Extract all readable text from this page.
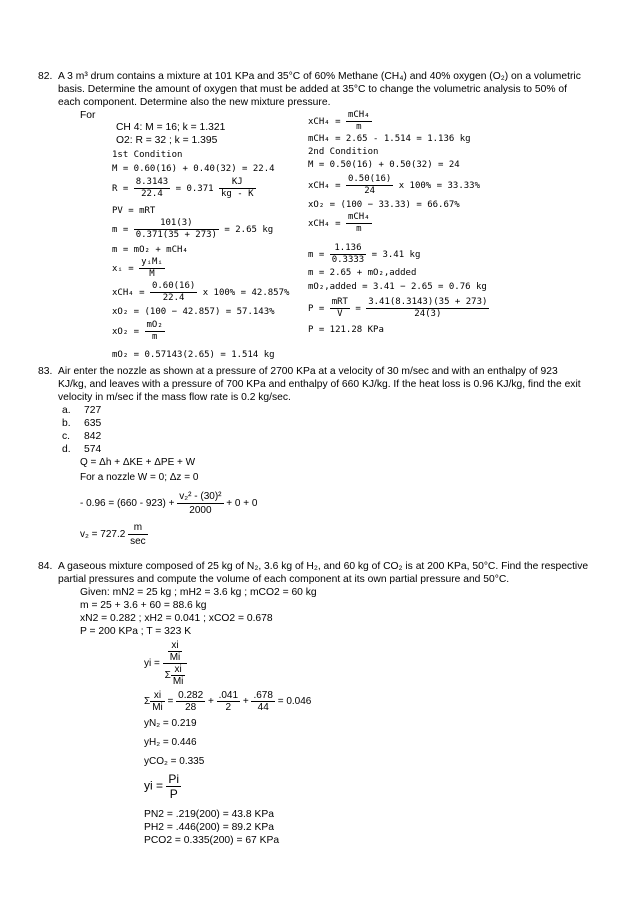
82. A 3 m³ drum contains a mixture at 101 KPa and 35°C of 60% Methane (CH₄) and 40% oxygen (O₂) on a volumetric
basis. Determine the amount of oxygen that must be added at 35°C to change the volumetric analysis to 50% of
each component. Determine also the new mixture pressure.
For
CH 4: M = 16; k = 1.321
O2: R = 32 ; k = 1.395
1st Condition
M = 0.60(16) + 0.40(32) = 22.4
$R = \frac{8.3143}{22.4} = 0.371 \frac{KJ}{kg - K}$
PV = mRT
$m = \frac{101(3)}{0.371(35 + 273)} = 2.65$ kg
m = mO₂ + mCH₄
xᵢ = $\frac{\text{yᵢMᵢ}}{M}$
$xCH_4 = \frac{0.60(16)}{22.4}$ x 100% = 42.857%
xO₂ = (100 − 42.857) = 57.143%
$xO_2 = \frac{\text{mO₂}}{m}$
mO₂ = 0.57143(2.65) = 1.514 kg
$xCH_4 = \frac{\text{mCH₄}}{m}$
mCH₄ = 2.65 - 1.514 = 1.136 kg
2nd Condition
M = 0.50(16) + 0.50(32) = 24
$xCH_4 = \frac{0.50(16)}{24}$ x 100% = 33.33%
xO₂ = (100 − 33.33) = 66.67%
$xCH_4 = \frac{\text{mCH₄}}{m}$
$m = \frac{1.136}{0.3333} = 3.41$ kg
m = 2.65 + mO₂,added
mO₂,added = 3.41 − 2.65 = 0.76 kg
$P = \frac{\text{mRT}}{V} = \frac{3.41(8.3143)(35 + 273)}{24(3)}$
P = 121.28 KPa
83. Air enter the nozzle as shown at a pressure of 2700 KPa at a velocity of 30 m/sec and with an enthalpy of 923
KJ/kg, and leaves with a pressure of 700 KPa and enthalpy of 660 KJ/kg. If the heat loss is 0.96 KJ/kg, find the exit
velocity in m/sec if the mass flow rate is 0.2 kg/sec.
a. 727
b. 635
c. 842
d. 574
Q = Δh + ΔKE + ΔPE + W
For a nozzle W = 0; Δz = 0
- $0.96 = (660 - 923) + \frac{\text{v₂² - (30)²}}{2000} + 0 + 0$
$v_2 = 727.2 \frac{m}{\sec}$
84. A gaseous mixture composed of 25 kg of N₂, 3.6 kg of H₂, and 60 kg of CO₂ is at 200 KPa, 50°C. Find the respective
partial pressures and compute the volume of each component at its own partial pressure and 50°C.
Given: mN2 = 25 kg ; mH2 = 3.6 kg ; mCO2 = 60 kg
m = 25 + 3.6 + 60 = 88.6 kg
xN2 = 0.282 ; xH2 = 0.041 ; xCO2 = 0.678
P = 200 KPa ; T = 323 K
yi = $\frac{\frac{xi}{Mi}}{\Sigma \frac{xi}{Mi}}$
Σ $\frac{xi}{Mi} = \frac{0.282}{28} + \frac{.041}{2} + \frac{.678}{44} = 0.046$
yN₂ = 0.219
yH₂ = 0.446
yCO₂ = 0.335
yi = $\frac{Pi}{P}$
PN2 = .219(200) = 43.8 KPa
PH2 = .446(200) = 89.2 KPa
PCO2 = 0.335(200) = 67 KPa
